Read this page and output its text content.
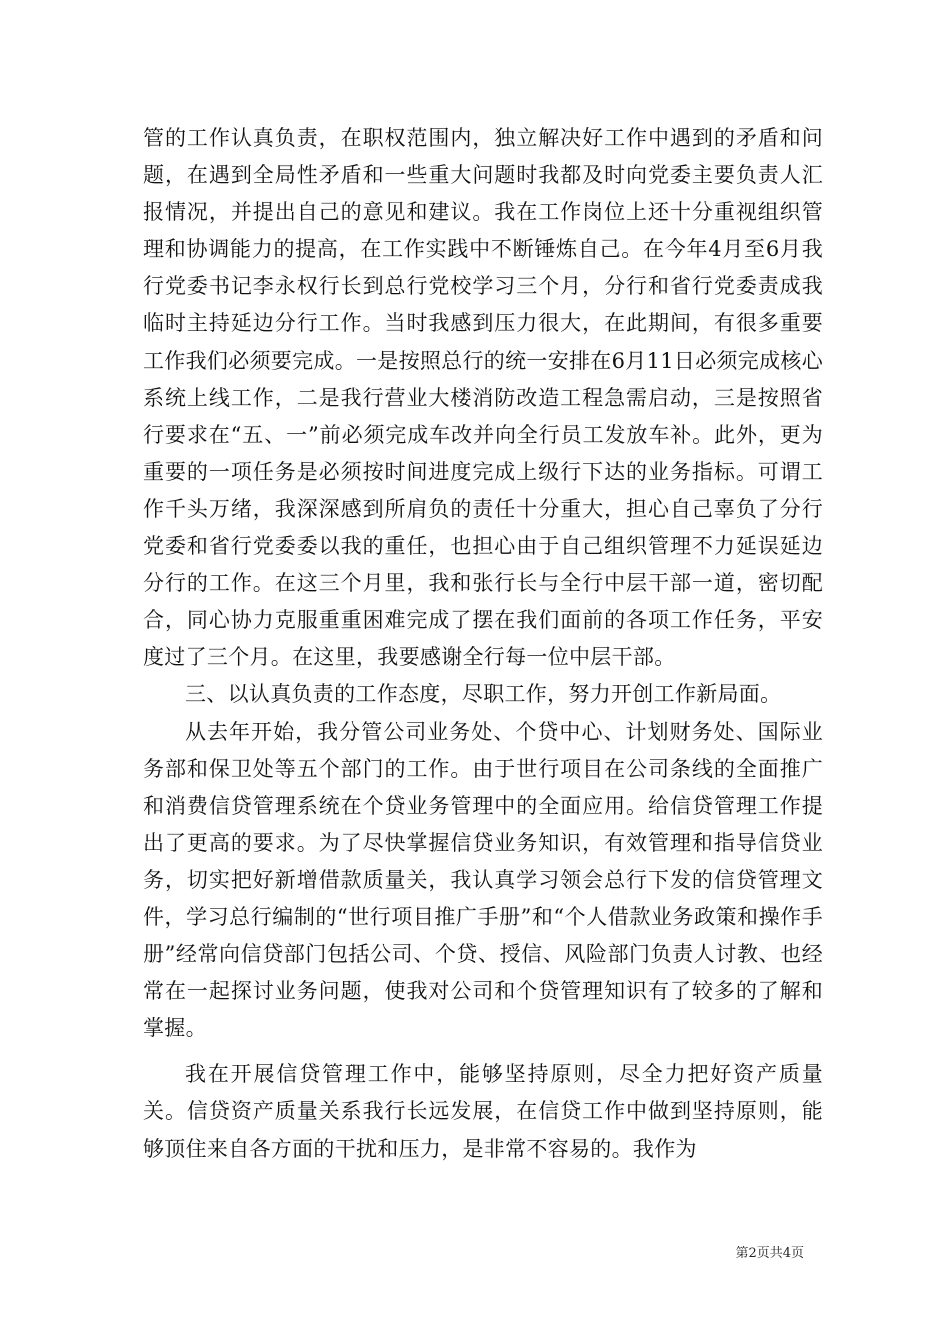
管的工作认真负责，在职权范围内，独立解决好工作中遇到的矛盾和问题，在遇到全局性矛盾和一些重大问题时我都及时向党委主要负责人汇报情况，并提出自己的意见和建议。我在工作岗位上还十分重视组织管理和协调能力的提高，在工作实践中不断锤炼自己。在今年4月至6月我行党委书记李永权行长到总行党校学习三个月，分行和省行党委责成我临时主持延边分行工作。当时我感到压力很大，在此期间，有很多重要工作我们必须要完成。一是按照总行的统一安排在6月11日必须完成核心系统上线工作，二是我行营业大楼消防改造工程急需启动，三是按照省行要求在“五、一”前必须完成车改并向全行员工发放车补。此外，更为重要的一项任务是必须按时间进度完成上级行下达的业务指标。可谓工作千头万绪，我深深感到所肩负的责任十分重大，担心自己辜负了分行党委和省行党委委以我的重任，也担心由于自己组织管理不力延误延边分行的工作。在这三个月里，我和张行长与全行中层干部一道，密切配合，同心协力克服重重困难完成了摆在我们面前的各项工作任务，平安度过了三个月。在这里，我要感谢全行每一位中层干部。

三、以认真负责的工作态度，尽职工作，努力开创工作新局面。

从去年开始，我分管公司业务处、个贷中心、计划财务处、国际业务部和保卫处等五个部门的工作。由于世行项目在公司条线的全面推广和消费信贷管理系统在个贷业务管理中的全面应用。给信贷管理工作提出了更高的要求。为了尽快掌握信贷业务知识，有效管理和指导信贷业务，切实把好新增借款质量关，我认真学习领会总行下发的信贷管理文件，学习总行编制的“世行项目推广手册”和“个人借款业务政策和操作手册”经常向信贷部门包括公司、个贷、授信、风险部门负责人讨教、也经常在一起探讨业务问题，使我对公司和个贷管理知识有了较多的了解和掌握。

我在开展信贷管理工作中，能够坚持原则，尽全力把好资产质量关。信贷资产质量关系我行长远发展，在信贷工作中做到坚持原则，能够顶住来自各方面的干扰和压力，是非常不容易的。我作为

第2页共4页
